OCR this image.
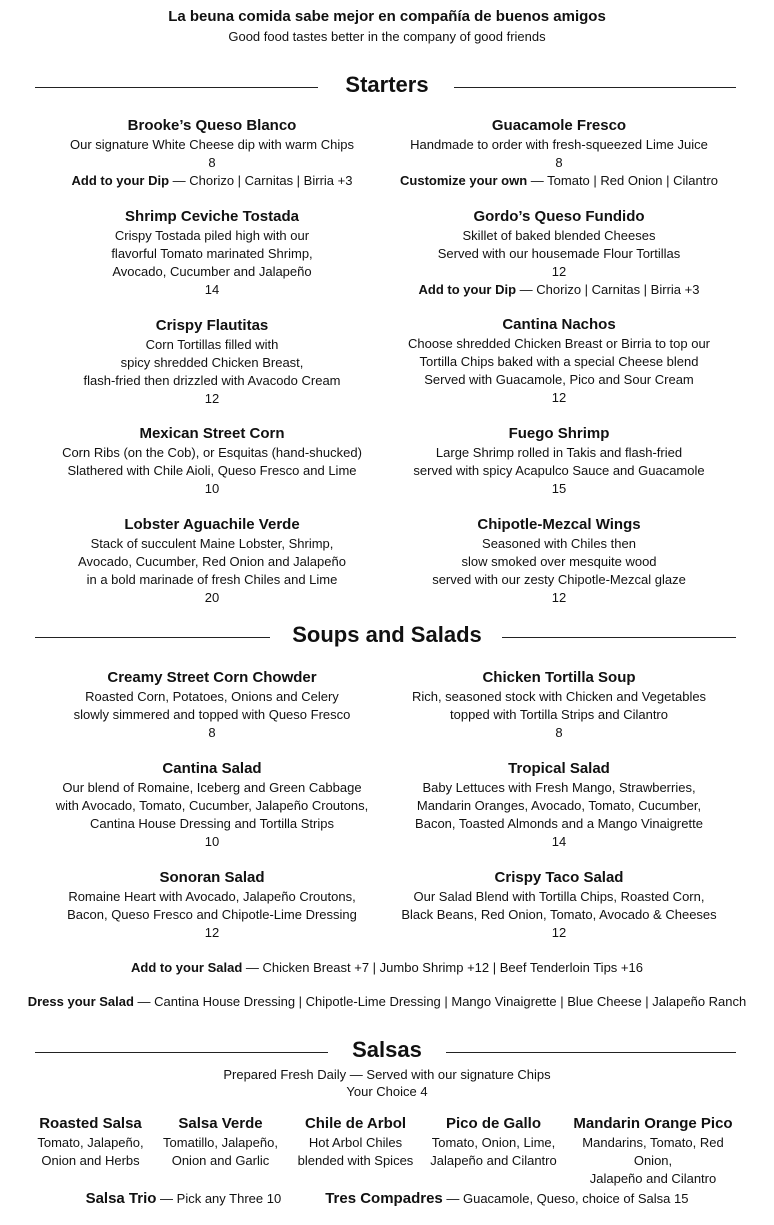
La beuna comida sabe mejor en compañía de buenos amigos
Good food tastes better in the company of good friends
Starters
Brooke’s Queso Blanco
Our signature White Cheese dip with warm Chips
8
Add to your Dip — Chorizo | Carnitas | Birria +3
Shrimp Ceviche Tostada
Crispy Tostada piled high with our
flavorful Tomato marinated Shrimp,
Avocado, Cucumber and Jalapeño
14
Crispy Flautitas
Corn Tortillas filled with
spicy shredded Chicken Breast,
flash-fried then drizzled with Avacodo Cream
12
Mexican Street Corn
Corn Ribs (on the Cob), or Esquitas (hand-shucked)
Slathered with Chile Aioli, Queso Fresco and Lime
10
Lobster Aguachile Verde
Stack of succulent Maine Lobster, Shrimp,
Avocado, Cucumber, Red Onion and Jalapeño
in a bold marinade of fresh Chiles and Lime
20
Guacamole Fresco
Handmade to order with fresh-squeezed Lime Juice
8
Customize your own — Tomato | Red Onion | Cilantro
Gordo’s Queso Fundido
Skillet of baked blended Cheeses
Served with our housemade Flour Tortillas
12
Add to your Dip — Chorizo | Carnitas | Birria +3
Cantina Nachos
Choose shredded Chicken Breast or Birria to top our
Tortilla Chips baked with a special Cheese blend
Served with Guacamole, Pico and Sour Cream
12
Fuego Shrimp
Large Shrimp rolled in Takis and flash-fried
served with spicy Acapulco Sauce and Guacamole
15
Chipotle-Mezcal Wings
Seasoned with Chiles then
slow smoked over mesquite wood
served with our zesty Chipotle-Mezcal glaze
12
Soups and Salads
Creamy Street Corn Chowder
Roasted Corn, Potatoes, Onions and Celery
slowly simmered and topped with Queso Fresco
8
Cantina Salad
Our blend of Romaine, Iceberg and Green Cabbage
with Avocado, Tomato, Cucumber, Jalapeño Croutons,
Cantina House Dressing and Tortilla Strips
10
Sonoran Salad
Romaine Heart with Avocado, Jalapeño Croutons,
Bacon, Queso Fresco and Chipotle-Lime Dressing
12
Chicken Tortilla Soup
Rich, seasoned stock with Chicken and Vegetables
topped with Tortilla Strips and Cilantro
8
Tropical Salad
Baby Lettuces with Fresh Mango, Strawberries,
Mandarin Oranges, Avocado, Tomato, Cucumber,
Bacon, Toasted Almonds and a Mango Vinaigrette
14
Crispy Taco Salad
Our Salad Blend with Tortilla Chips, Roasted Corn,
Black Beans, Red Onion, Tomato, Avocado & Cheeses
12
Add to your Salad — Chicken Breast +7 | Jumbo Shrimp +12 | Beef Tenderloin Tips +16
Dress your Salad — Cantina House Dressing | Chipotle-Lime Dressing | Mango Vinaigrette | Blue Cheese | Jalapeño Ranch
Salsas
Prepared Fresh Daily — Served with our signature Chips
Your Choice 4
Roasted Salsa
Tomato, Jalapeño,
Onion and Herbs
Salsa Verde
Tomatillo, Jalapeño,
Onion and Garlic
Chile de Arbol
Hot Arbol Chiles
blended with Spices
Pico de Gallo
Tomato, Onion, Lime,
Jalapeño and Cilantro
Mandarin Orange Pico
Mandarins, Tomato, Red Onion,
Jalapeño and Cilantro
Salsa Trio — Pick any Three 10	Tres Compadres — Guacamole, Queso, choice of Salsa 15
